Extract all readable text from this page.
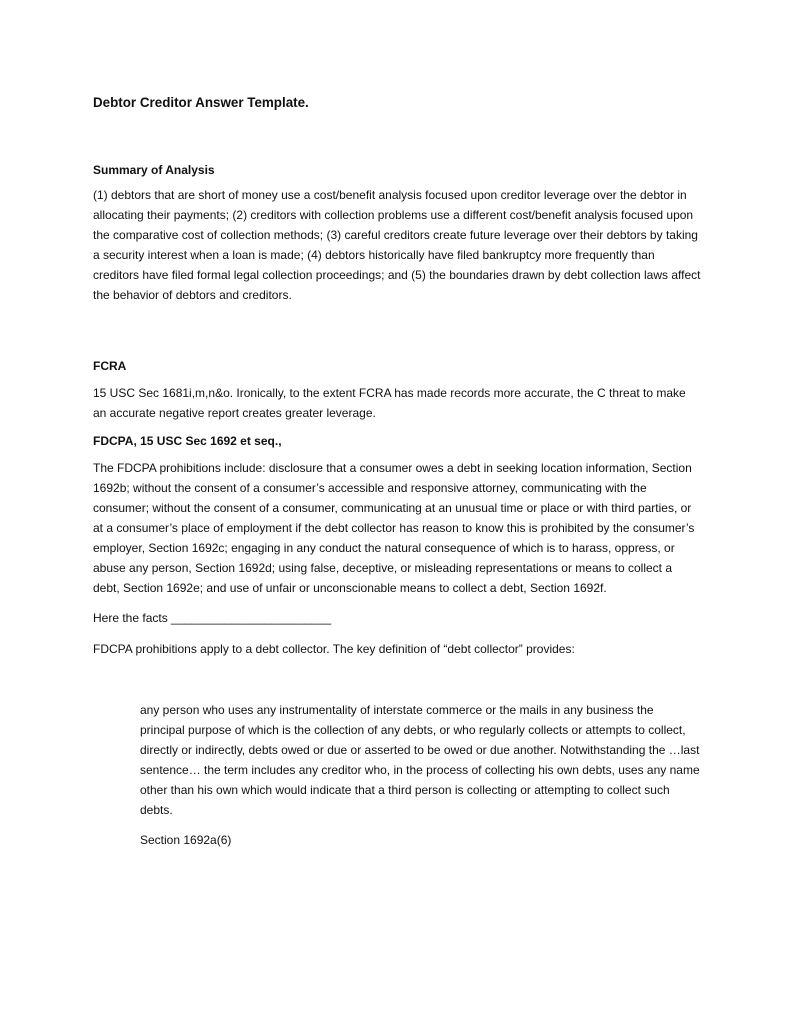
Debtor Creditor Answer Template.

Summary of Analysis

(1) debtors that are short of money use a cost/benefit analysis focused upon creditor leverage over the debtor in allocating their payments; (2) creditors with collection problems use a different cost/benefit analysis focused upon the comparative cost of collection methods; (3) careful creditors create future leverage over their debtors by taking a security interest when a loan is made; (4) debtors historically have filed bankruptcy more frequently than creditors have filed formal legal collection proceedings; and (5) the boundaries drawn by debt collection laws affect the behavior of debtors and creditors.

FCRA

15 USC Sec 1681i,m,n&o. Ironically, to the extent FCRA has made records more accurate, the C threat to make an accurate negative report creates greater leverage.

FDCPA, 15 USC Sec 1692 et seq.,

The FDCPA prohibitions include: disclosure that a consumer owes a debt in seeking location information, Section 1692b; without the consent of a consumer’s accessible and responsive attorney, communicating with the consumer; without the consent of a consumer, communicating at an unusual time or place or with third parties, or at a consumer’s place of employment if the debt collector has reason to know this is prohibited by the consumer’s employer, Section 1692c; engaging in any conduct the natural consequence of which is to harass, oppress, or abuse any person, Section 1692d; using false, deceptive, or misleading representations or means to collect a debt, Section 1692e; and use of unfair or unconscionable means to collect a debt, Section 1692f.

Here the facts ________________________

FDCPA prohibitions apply to a debt collector. The key definition of “debt collector” provides:

any person who uses any instrumentality of interstate commerce or the mails in any business the principal purpose of which is the collection of any debts, or who regularly collects or attempts to collect, directly or indirectly, debts owed or due or asserted to be owed or due another. Notwithstanding the …last sentence… the term includes any creditor who, in the process of collecting his own debts, uses any name other than his own which would indicate that a third person is collecting or attempting to collect such debts.

Section 1692a(6)
